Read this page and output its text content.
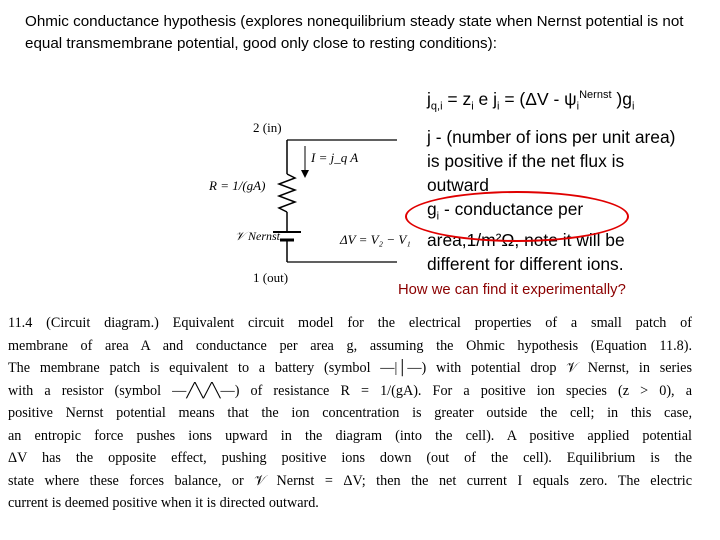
Ohmic conductance hypothesis (explores nonequilibrium steady state when Nernst potential is not equal transmembrane potential, good only close to resting conditions):

$j_{q,i} = z_i$ e $j_i = (\Delta V - \psi_i^{Nernst}$ )$g_i$

j - (number of ions per unit area)

is positive if the net flux is

outward

$g_i$ - conductance per

area,1/m²Ω, note it will be

different for different ions.

How we can find it experimentally?
2 (in)
I = j_q A
R = 1/(gA)
𝒱 Nernst	ΔV = V₂ − V₁
1 (out)
11.4 (Circuit diagram.) Equivalent circuit model for the electrical properties of a small patch of
membrane of area A and conductance per area g, assuming the Ohmic hypothesis (Equation 11.8).
The membrane patch is equivalent to a battery (symbol —|│—) with potential drop 𝒱 Nernst, in series
with a resistor (symbol —╱╲╱╲—) of resistance R = 1/(gA). For a positive ion species (z > 0), a
positive Nernst potential means that the ion concentration is greater outside the cell; in this case,
an entropic force pushes ions upward in the diagram (into the cell). A positive applied potential
ΔV has the opposite effect, pushing positive ions down (out of the cell). Equilibrium is the
state where these forces balance, or 𝒱 Nernst = ΔV; then the net current I equals zero. The electric
current is deemed positive when it is directed outward.
